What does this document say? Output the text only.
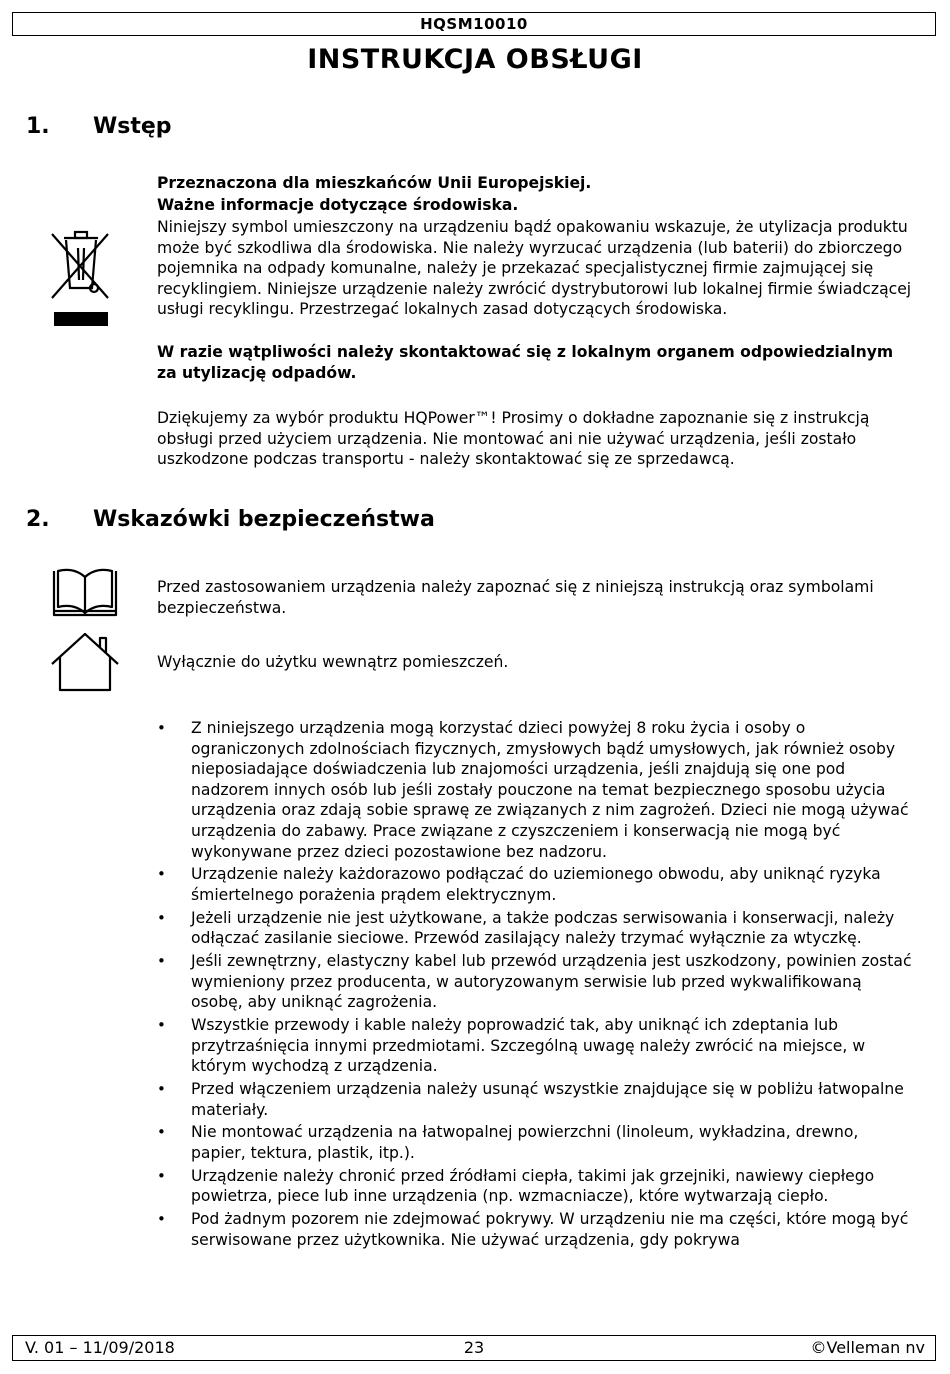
HQSM10010
INSTRUKCJA OBSŁUGI
1. Wstęp
Przeznaczona dla mieszkańców Unii Europejskiej.
Ważne informacje dotyczące środowiska.
Niniejszy symbol umieszczony na urządzeniu bądź opakowaniu wskazuje, że utylizacja produktu może być szkodliwa dla środowiska. Nie należy wyrzucać urządzenia (lub baterii) do zbiorczego pojemnika na odpady komunalne, należy je przekazać specjalistycznej firmie zajmującej się recyklingiem. Niniejsze urządzenie należy zwrócić dystrybutorowi lub lokalnej firmie świadczącej usługi recyklingu. Przestrzegać lokalnych zasad dotyczących środowiska.
W razie wątpliwości należy skontaktować się z lokalnym organem odpowiedzialnym za utylizację odpadów.
Dziękujemy za wybór produktu HQPower™! Prosimy o dokładne zapoznanie się z instrukcją obsługi przed użyciem urządzenia. Nie montować ani nie używać urządzenia, jeśli zostało uszkodzone podczas transportu - należy skontaktować się ze sprzedawcą.
2. Wskazówki bezpieczeństwa
Przed zastosowaniem urządzenia należy zapoznać się z niniejszą instrukcją oraz symbolami bezpieczeństwa.
Wyłącznie do użytku wewnątrz pomieszczeń.
• Z niniejszego urządzenia mogą korzystać dzieci powyżej 8 roku życia i osoby o ograniczonych zdolnościach fizycznych, zmysłowych bądź umysłowych, jak również osoby nieposiadające doświadczenia lub znajomości urządzenia, jeśli znajdują się one pod nadzorem innych osób lub jeśli zostały pouczone na temat bezpiecznego sposobu użycia urządzenia oraz zdają sobie sprawę ze związanych z nim zagrożeń. Dzieci nie mogą używać urządzenia do zabawy. Prace związane z czyszczeniem i konserwacją nie mogą być wykonywane przez dzieci pozostawione bez nadzoru.
• Urządzenie należy każdorazowo podłączać do uziemionego obwodu, aby uniknąć ryzyka śmiertelnego porażenia prądem elektrycznym.
• Jeżeli urządzenie nie jest użytkowane, a także podczas serwisowania i konserwacji, należy odłączać zasilanie sieciowe. Przewód zasilający należy trzymać wyłącznie za wtyczkę.
• Jeśli zewnętrzny, elastyczny kabel lub przewód urządzenia jest uszkodzony, powinien zostać wymieniony przez producenta, w autoryzowanym serwisie lub przed wykwalifikowaną osobę, aby uniknąć zagrożenia.
• Wszystkie przewody i kable należy poprowadzić tak, aby uniknąć ich zdeptania lub przytrzaśnięcia innymi przedmiotami. Szczególną uwagę należy zwrócić na miejsce, w którym wychodzą z urządzenia.
• Przed włączeniem urządzenia należy usunąć wszystkie znajdujące się w pobliżu łatwopalne materiały.
• Nie montować urządzenia na łatwopalnej powierzchni (linoleum, wykładzina, drewno, papier, tektura, plastik, itp.).
• Urządzenie należy chronić przed źródłami ciepła, takimi jak grzejniki, nawiewy ciepłego powietrza, piece lub inne urządzenia (np. wzmacniacze), które wytwarzają ciepło.
• Pod żadnym pozorem nie zdejmować pokrywy. W urządzeniu nie ma części, które mogą być serwisowane przez użytkownika. Nie używać urządzenia, gdy pokrywa
V. 01 – 11/09/2018	23	©Velleman nv
